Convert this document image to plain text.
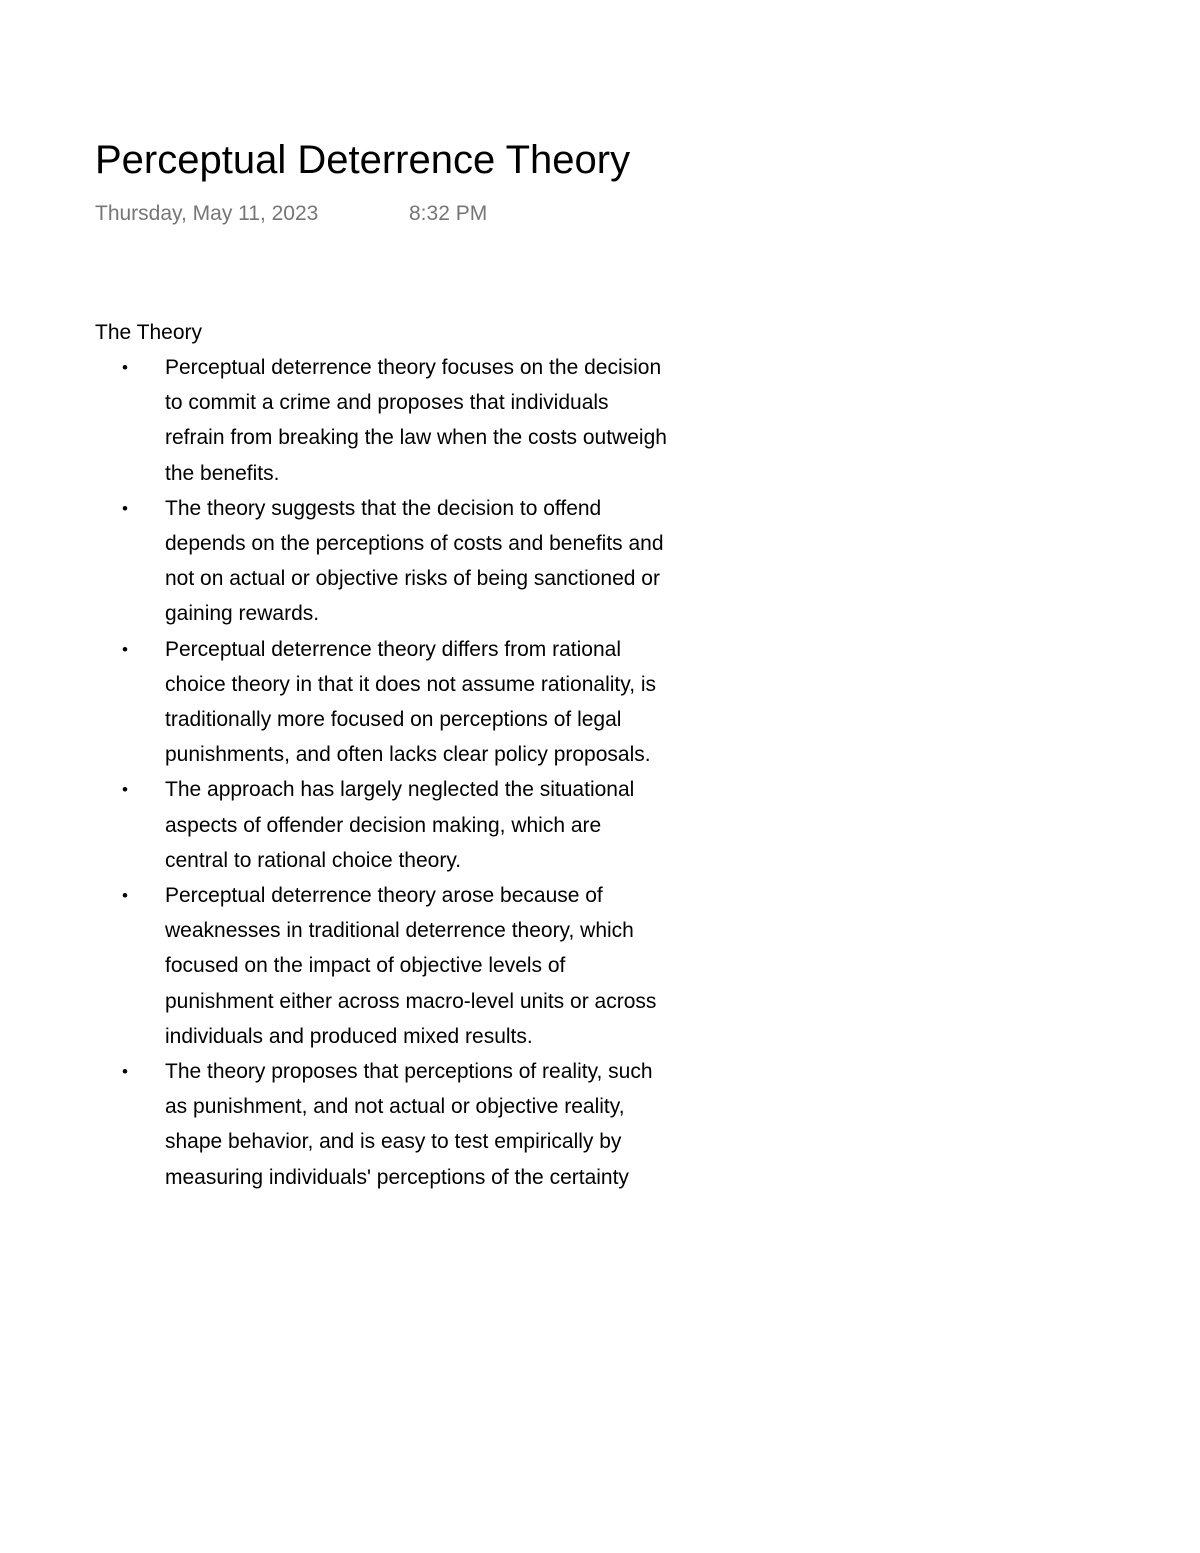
Perceptual Deterrence Theory
Thursday, May 11, 2023	8:32 PM
The Theory
• Perceptual deterrence theory focuses on the decision to commit a crime and proposes that individuals refrain from breaking the law when the costs outweigh the benefits.
• The theory suggests that the decision to offend depends on the perceptions of costs and benefits and not on actual or objective risks of being sanctioned or gaining rewards.
• Perceptual deterrence theory differs from rational choice theory in that it does not assume rationality, is traditionally more focused on perceptions of legal punishments, and often lacks clear policy proposals.
• The approach has largely neglected the situational aspects of offender decision making, which are central to rational choice theory.
• Perceptual deterrence theory arose because of weaknesses in traditional deterrence theory, which focused on the impact of objective levels of punishment either across macro-level units or across individuals and produced mixed results.
• The theory proposes that perceptions of reality, such as punishment, and not actual or objective reality, shape behavior, and is easy to test empirically by measuring individuals' perceptions of the certainty
